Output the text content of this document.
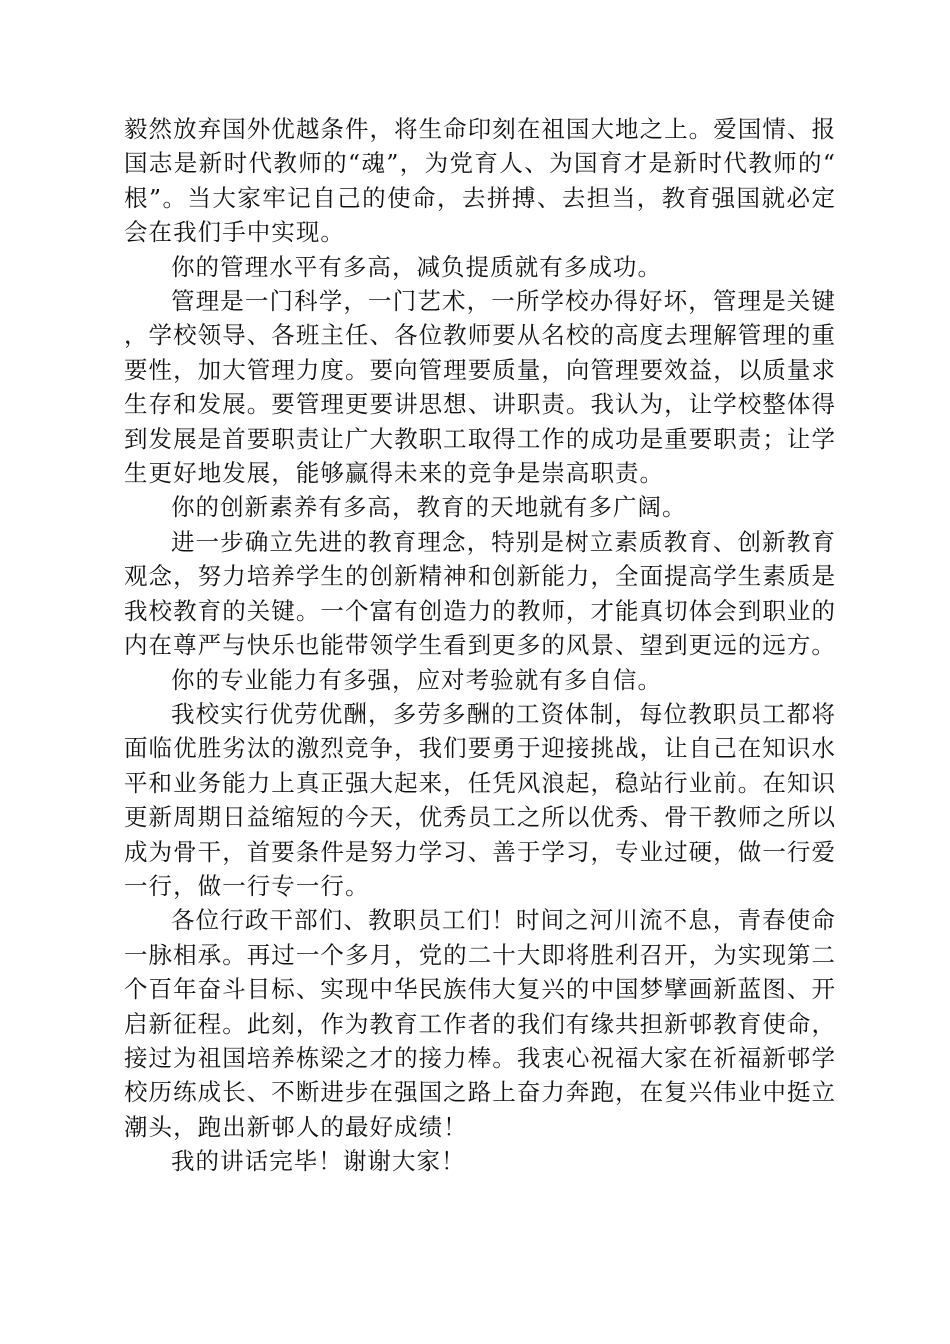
毅然放弃国外优越条件，将生命印刻在祖国大地之上。爱国情、报国志是新时代教师的“魂”，为党育人、为国育才是新时代教师的“根”。当大家牢记自己的使命，去拼搏、去担当，教育强国就必定会在我们手中实现。

你的管理水平有多高，减负提质就有多成功。

管理是一门科学，一门艺术，一所学校办得好坏，管理是关键，学校领导、各班主任、各位教师要从名校的高度去理解管理的重要性，加大管理力度。要向管理要质量，向管理要效益，以质量求生存和发展。要管理更要讲思想、讲职责。我认为，让学校整体得到发展是首要职责让广大教职工取得工作的成功是重要职责；让学生更好地发展，能够赢得未来的竞争是崇高职责。

你的创新素养有多高，教育的天地就有多广阔。

进一步确立先进的教育理念，特别是树立素质教育、创新教育观念，努力培养学生的创新精神和创新能力，全面提高学生素质是我校教育的关键。一个富有创造力的教师，才能真切体会到职业的内在尊严与快乐也能带领学生看到更多的风景、望到更远的远方。

你的专业能力有多强，应对考验就有多自信。

我校实行优劳优酬，多劳多酬的工资体制，每位教职员工都将面临优胜劣汰的激烈竞争，我们要勇于迎接挑战，让自己在知识水平和业务能力上真正强大起来，任凭风浪起，稳站行业前。在知识更新周期日益缩短的今天，优秀员工之所以优秀、骨干教师之所以成为骨干，首要条件是努力学习、善于学习，专业过硬，做一行爱一行，做一行专一行。

各位行政干部们、教职员工们！时间之河川流不息，青春使命一脉相承。再过一个多月，党的二十大即将胜利召开，为实现第二个百年奋斗目标、实现中华民族伟大复兴的中国梦擘画新蓝图、开启新征程。此刻，作为教育工作者的我们有缘共担新邨教育使命，接过为祖国培养栋梁之才的接力棒。我衷心祝福大家在祈福新邨学校历练成长、不断进步在强国之路上奋力奔跑，在复兴伟业中挺立潮头，跑出新邨人的最好成绩！

我的讲话完毕！谢谢大家！
